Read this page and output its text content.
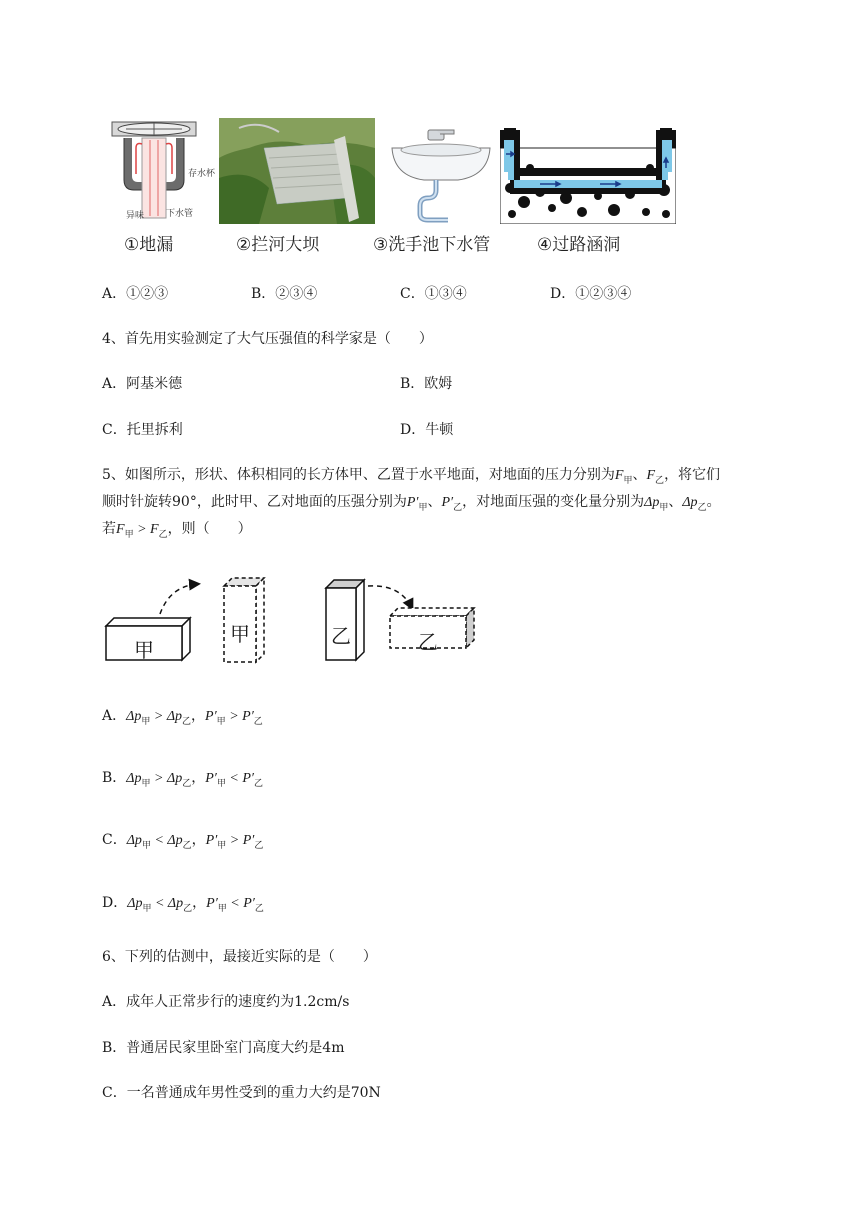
存水杯
异味 下水管
①地漏	②拦河大坝	③洗手池下水管	④过路涵洞
A．①②③	B．②③④	C．①③④	D．①②③④
4、首先用实验测定了大气压强值的科学家是（　　）
A．阿基米德	B．欧姆
C．托里拆利	D．牛顿
5、如图所示，形状、体积相同的长方体甲、乙置于水平地面，对地面的压力分别为$F_甲$、$F_乙$，将它们
顺时针旋转90°，此时甲、乙对地面的压强分别为$P'_甲$、$P'_乙$，对地面压强的变化量分别为$\Delta p_甲$、$\Delta p_乙$。
若$F_甲 > F_乙$，则（　　）
甲
甲	乙	乙
A．$\Delta p_甲 > \Delta p_乙$，$P'_甲 > P'_乙$
B．$\Delta p_甲 > \Delta p_乙$，$P'_甲 < P'_乙$
C．$\Delta p_甲 < \Delta p_乙$，$P'_甲 > P'_乙$
D．$\Delta p_甲 < \Delta p_乙$，$P'_甲 < P'_乙$
6、下列的估测中，最接近实际的是（　　）
A．成年人正常步行的速度约为1.2cm/s
B．普通居民家里卧室门高度大约是4m
C．一名普通成年男性受到的重力大约是70N
